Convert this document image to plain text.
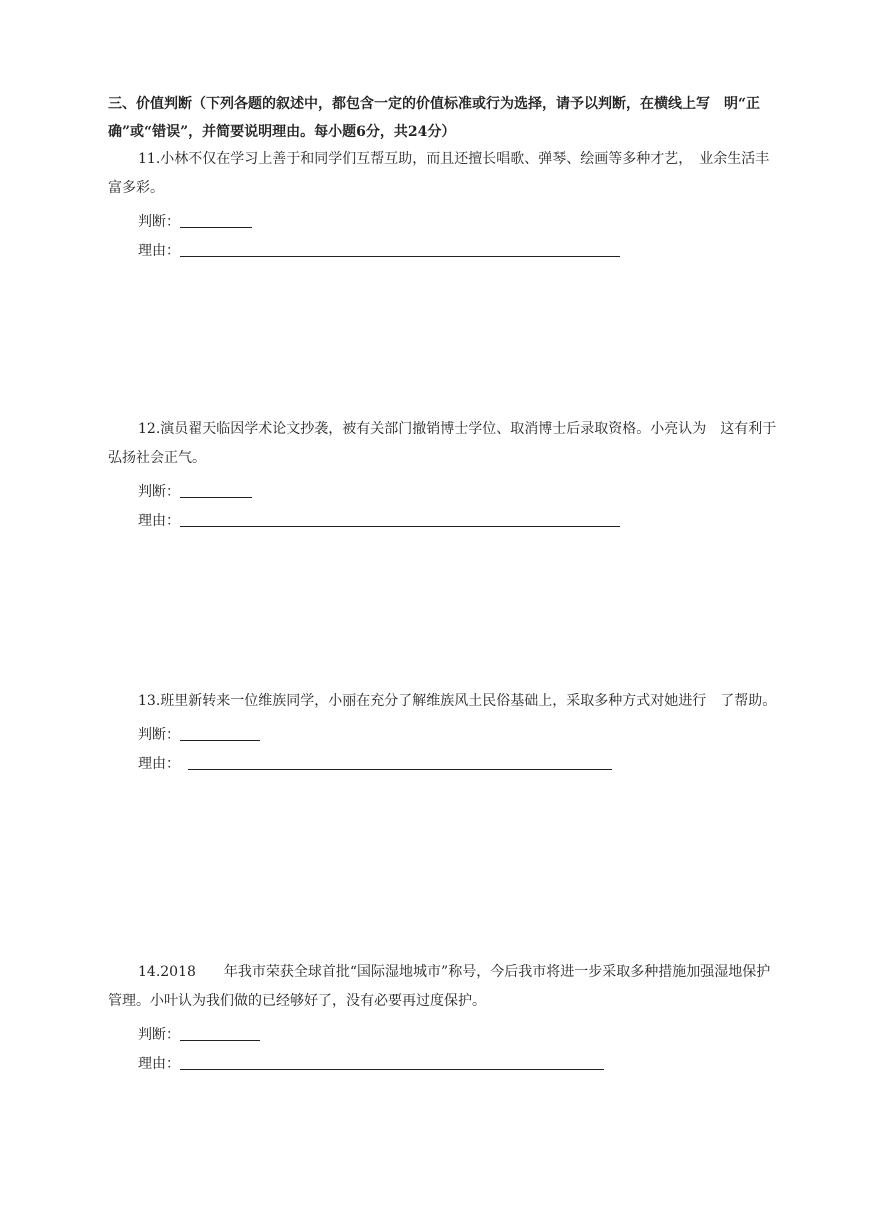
三、价值判断（下列各题的叙述中，都包含一定的价值标准或行为选择，请予以判断，在横线上写　明“正确”或“错误”，并简要说明理由。每小题6分，共24分）

11.小林不仅在学习上善于和同学们互帮互助，而且还擅长唱歌、弹琴、绘画等多种才艺，　业余生活丰富多彩。

判断：
理由：

12.演员翟天临因学术论文抄袭，被有关部门撤销博士学位、取消博士后录取资格。小亮认为　这有利于弘扬社会正气。

判断：
理由：

13.班里新转来一位维族同学，小丽在充分了解维族风土民俗基础上，采取多种方式对她进行　了帮助。

判断：
理由：

14.2018　　年我市荣获全球首批“国际湿地城市”称号，今后我市将进一步采取多种措施加强湿地保护管理。小叶认为我们做的已经够好了，没有必要再过度保护。

判断：
理由：
